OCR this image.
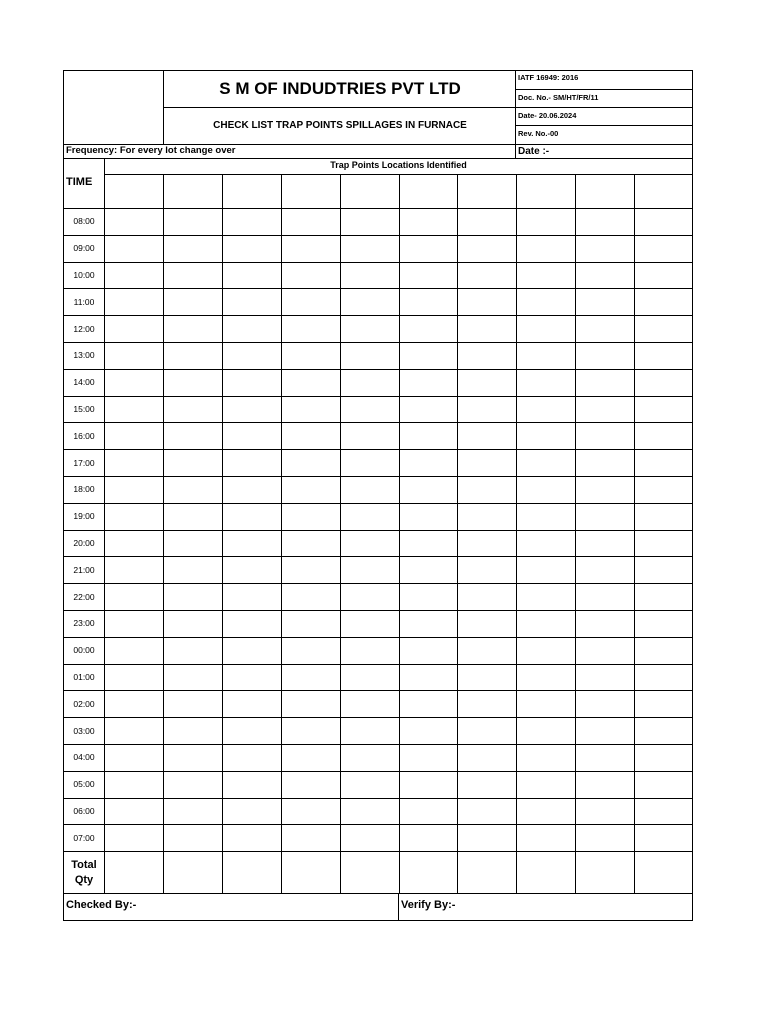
S M OF INDUDTRIES PVT LTD
CHECK LIST TRAP POINTS SPILLAGES IN FURNACE
IATF 16949: 2016
Doc. No.- SM/HT/FR/11
Date- 20.06.2024
Rev. No.-00
Frequency: For every lot change over	Date :-
Trap Points Locations Identified
TIME
08:00
09:00
10:00
11:00
12:00
13:00
14:00
15:00
16:00
17:00
18:00
19:00
20:00
21:00
22:00
23:00
00:00
01:00
02:00
03:00
04:00
05:00
06:00
07:00
Total
Qty
Checked By:-	Verify By:-
